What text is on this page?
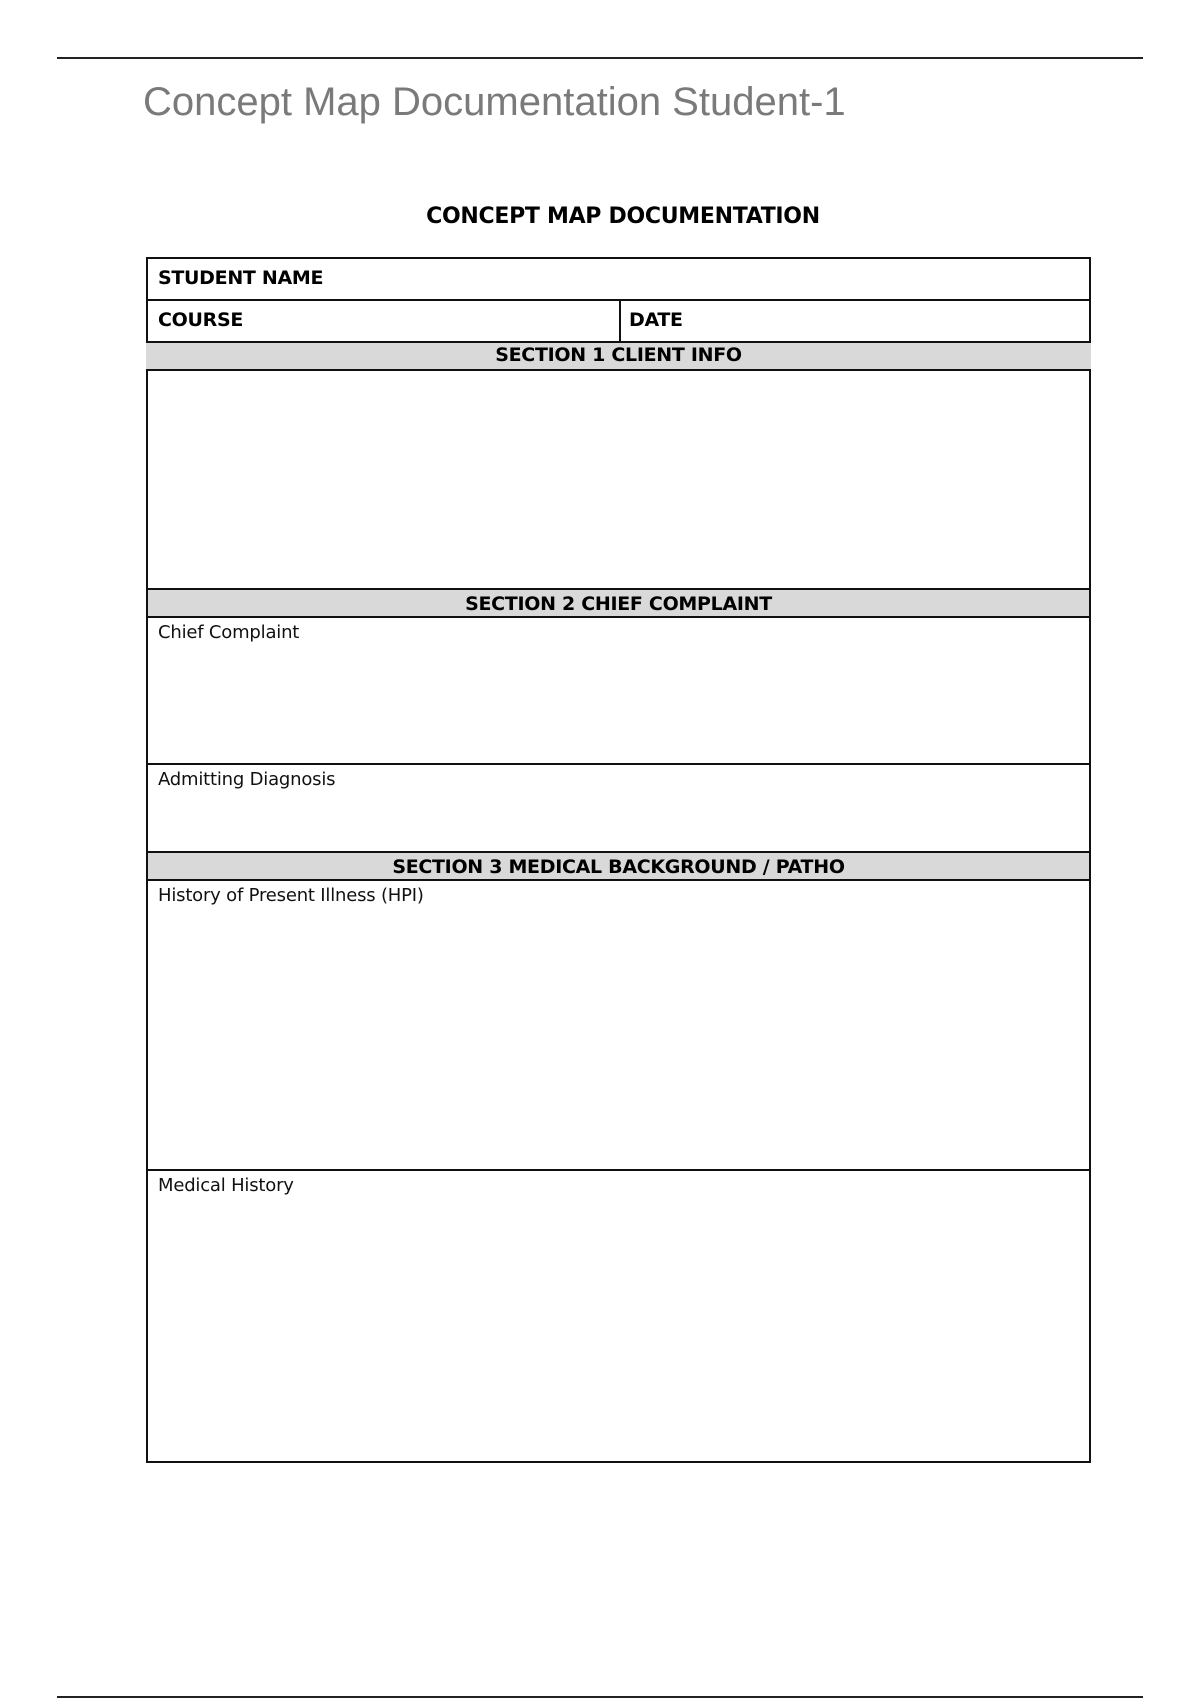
Concept Map Documentation Student-1
CONCEPT MAP DOCUMENTATION
STUDENT NAME
COURSE	DATE
SECTION 1 CLIENT INFO
SECTION 2 CHIEF COMPLAINT
Chief Complaint
Admitting Diagnosis
SECTION 3 MEDICAL BACKGROUND / PATHO
History of Present Illness (HPI)
Medical History
